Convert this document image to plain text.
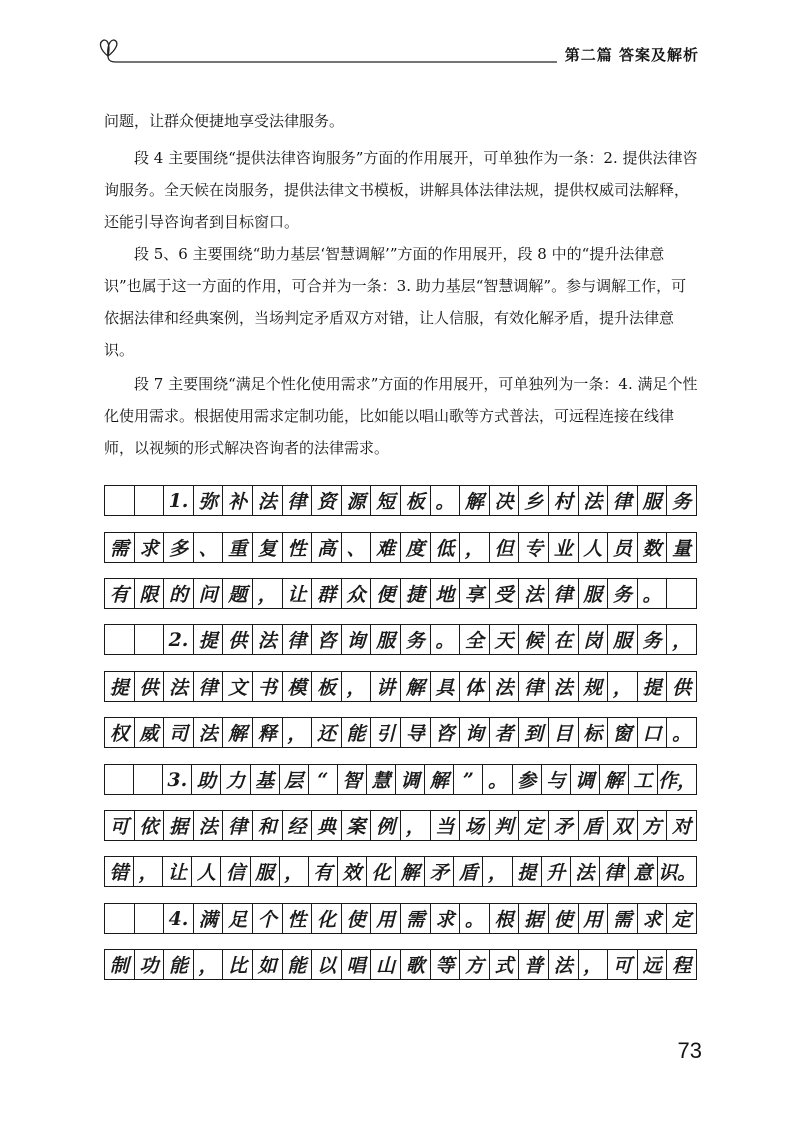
第二篇 答案及解析

问题，让群众便捷地享受法律服务。

段 4 主要围绕“提供法律咨询服务”方面的作用展开，可单独作为一条：2. 提供法律咨询服务。全天候在岗服务，提供法律文书模板，讲解具体法律法规，提供权威司法解释，还能引导咨询者到目标窗口。

段 5、6 主要围绕“助力基层‘智慧调解’”方面的作用展开，段 8 中的“提升法律意识”也属于这一方面的作用，可合并为一条：3. 助力基层“智慧调解”。参与调解工作，可依据法律和经典案例，当场判定矛盾双方对错，让人信服，有效化解矛盾，提升法律意识。

段 7 主要围绕“满足个性化使用需求”方面的作用展开，可单独列为一条：4. 满足个性化使用需求。根据使用需求定制功能，比如能以唱山歌等方式普法，可远程连接在线律师，以视频的形式解决咨询者的法律需求。

1. 弥 补 法 律 资 源 短 板 。 解 决 乡 村 法 律 服 务
需 求 多 、 重 复 性 高 、 难 度 低 ， 但 专 业 人 员 数 量
有 限 的 问 题 ， 让 群 众 便 捷 地 享 受 法 律 服 务 。
2. 提 供 法 律 咨 询 服 务 。 全 天 候 在 岗 服 务 ，
提 供 法 律 文 书 模 板 ， 讲 解 具 体 法 律 法 规 ， 提 供
权 威 司 法 解 释 ， 还 能 引 导 咨 询 者 到 目 标 窗 口 。
3. 助 力 基 层 “ 智 慧 调 解 ” 。 参 与 调 解 工 作，
可 依 据 法 律 和 经 典 案 例 ， 当 场 判 定 矛 盾 双 方 对
错 ， 让 人 信 服 ， 有 效 化 解 矛 盾 ， 提 升 法 律 意 识。
4. 满 足 个 性 化 使 用 需 求 。 根 据 使 用 需 求 定
制 功 能 ， 比 如 能 以 唱 山 歌 等 方 式 普 法 ， 可 远 程
73
